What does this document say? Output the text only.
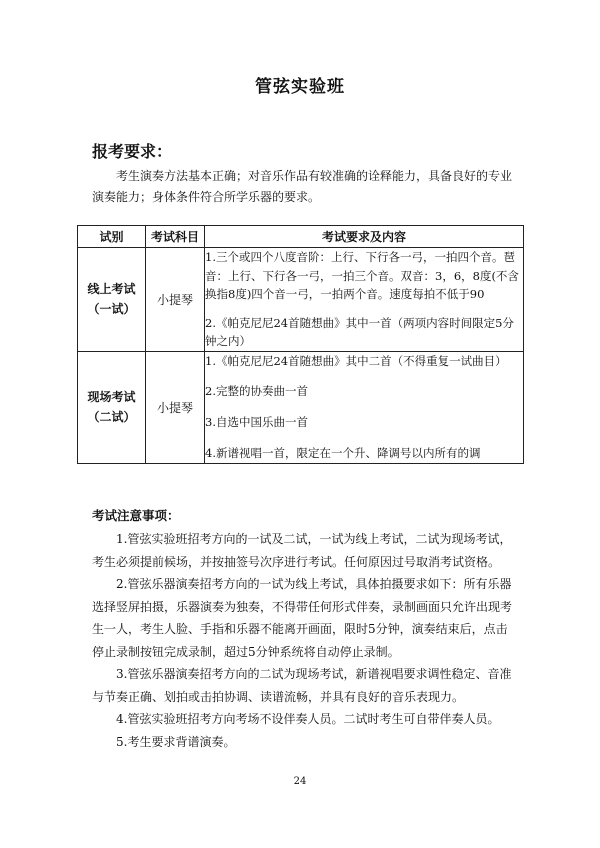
管弦实验班
报考要求：
考生演奏方法基本正确；对音乐作品有较准确的诠释能力，具备良好的专业演奏能力；身体条件符合所学乐器的要求。
试别	考试科目	考试要求及内容

线上考试
（一试）	小提琴	1.三个或四个八度音阶：上行、下行各一弓，一拍四个音。琶音：上行、下行各一弓，一拍三个音。双音：3，6，8度(不含换指8度)四个音一弓，一拍两个音。速度每拍不低于90
2.《帕克尼尼24首随想曲》其中一首（两项内容时间限定5分钟之内）

现场考试
（二试）	小提琴	1.《帕克尼尼24首随想曲》其中二首（不得重复一试曲目）
2.完整的协奏曲一首
3.自选中国乐曲一首
4.新谱视唱一首，限定在一个升、降调号以内所有的调
考试注意事项：

1.管弦实验班招考方向的一试及二试，一试为线上考试，二试为现场考试，考生必须提前候场，并按抽签号次序进行考试。任何原因过号取消考试资格。

2.管弦乐器演奏招考方向的一试为线上考试，具体拍摄要求如下：所有乐器选择竖屏拍摄，乐器演奏为独奏，不得带任何形式伴奏，录制画面只允许出现考生一人，考生人脸、手指和乐器不能离开画面，限时5分钟，演奏结束后，点击停止录制按钮完成录制，超过5分钟系统将自动停止录制。

3.管弦乐器演奏招考方向的二试为现场考试，新谱视唱要求调性稳定、音准与节奏正确、划拍或击拍协调、读谱流畅，并具有良好的音乐表现力。

4.管弦实验班招考方向考场不设伴奏人员。二试时考生可自带伴奏人员。

5.考生要求背谱演奏。

24
